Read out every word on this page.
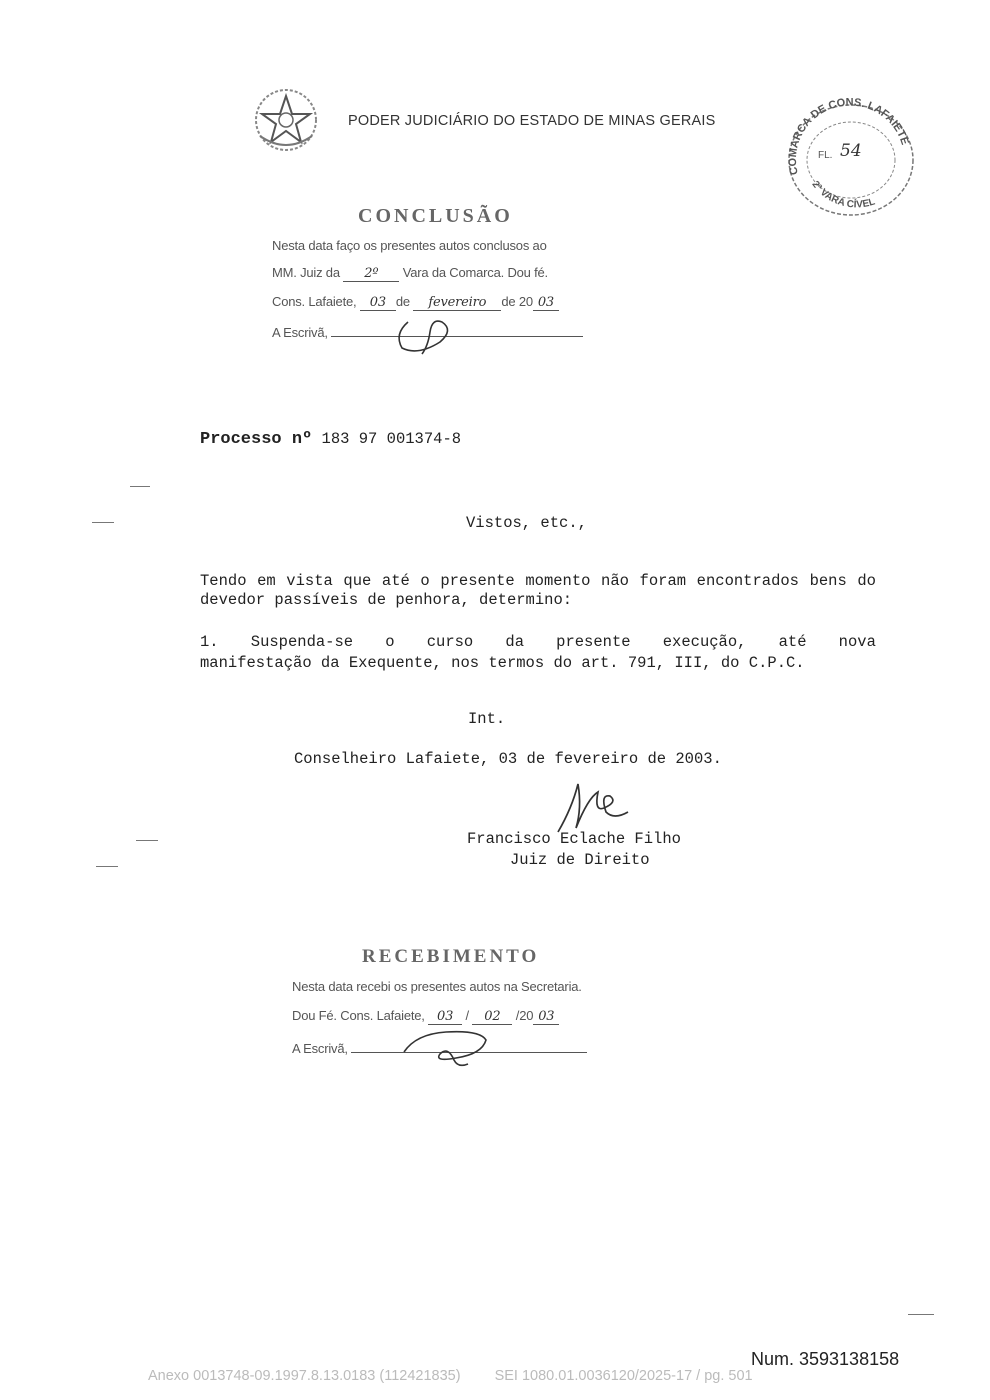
PODER JUDICIÁRIO DO ESTADO DE MINAS GERAIS
COMARCA DE CONS. LAFAIETE
2ª VARA CÍVEL
FL. 54
CONCLUSÃO
Nesta data faço os presentes autos conclusos ao
MM. Juiz da 2º Vara da Comarca. Dou fé.
Cons. Lafaiete, 03 de fevereiro de 20 03
A Escrivã,
Processo nº 183 97 001374-8
Vistos, etc.,
Tendo em vista que até o presente momento não foram encontrados bens do devedor passíveis de penhora, determino:
1. Suspenda-se o curso da presente execução, até nova
manifestação da Exequente, nos termos do art. 791, III, do C.P.C.
Int.
Conselheiro Lafaiete, 03 de fevereiro de 2003.
Francisco Eclache Filho
Juiz de Direito
RECEBIMENTO
Nesta data recebi os presentes autos na Secretaria.
Dou Fé. Cons. Lafaiete, 03 / 02 /20 03
A Escrivã,
Num. 3593138158
Anexo 0013748-09.1997.8.13.0183 (112421835) SEI 1080.01.0036120/2025-17 / pg. 501
